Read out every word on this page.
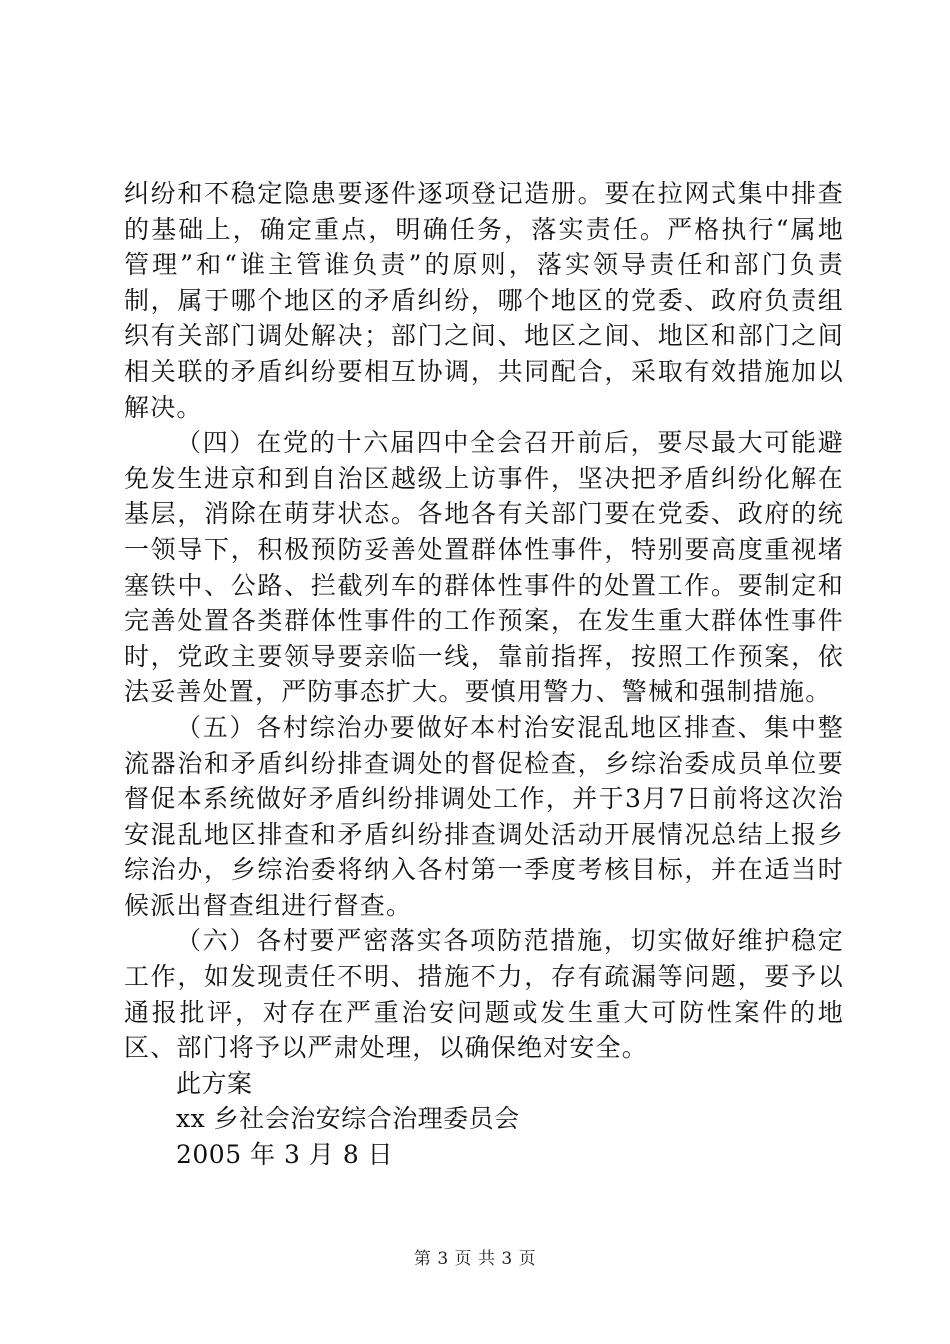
纠纷和不稳定隐患要逐件逐项登记造册。要在拉网式集中排查的基础上，确定重点，明确任务，落实责任。严格执行“属地管理”和“谁主管谁负责”的原则，落实领导责任和部门负责制，属于哪个地区的矛盾纠纷，哪个地区的党委、政府负责组织有关部门调处解决；部门之间、地区之间、地区和部门之间相关联的矛盾纠纷要相互协调，共同配合，采取有效措施加以解决。

（四）在党的十六届四中全会召开前后，要尽最大可能避免发生进京和到自治区越级上访事件，坚决把矛盾纠纷化解在基层，消除在萌芽状态。各地各有关部门要在党委、政府的统一领导下，积极预防妥善处置群体性事件，特别要高度重视堵塞铁中、公路、拦截列车的群体性事件的处置工作。要制定和完善处置各类群体性事件的工作预案，在发生重大群体性事件时，党政主要领导要亲临一线，靠前指挥，按照工作预案，依法妥善处置，严防事态扩大。要慎用警力、警械和强制措施。

（五）各村综治办要做好本村治安混乱地区排查、集中整流器治和矛盾纠纷排查调处的督促检查，乡综治委成员单位要督促本系统做好矛盾纠纷排调处工作，并于3月7日前将这次治安混乱地区排查和矛盾纠纷排查调处活动开展情况总结上报乡综治办，乡综治委将纳入各村第一季度考核目标，并在适当时候派出督查组进行督查。

（六）各村要严密落实各项防范措施，切实做好维护稳定工作，如发现责任不明、措施不力，存有疏漏等问题，要予以通报批评，对存在严重治安问题或发生重大可防性案件的地区、部门将予以严肃处理，以确保绝对安全。

此方案

xx 乡社会治安综合治理委员会

2005 年 3 月 8 日

第 3 页 共 3 页
